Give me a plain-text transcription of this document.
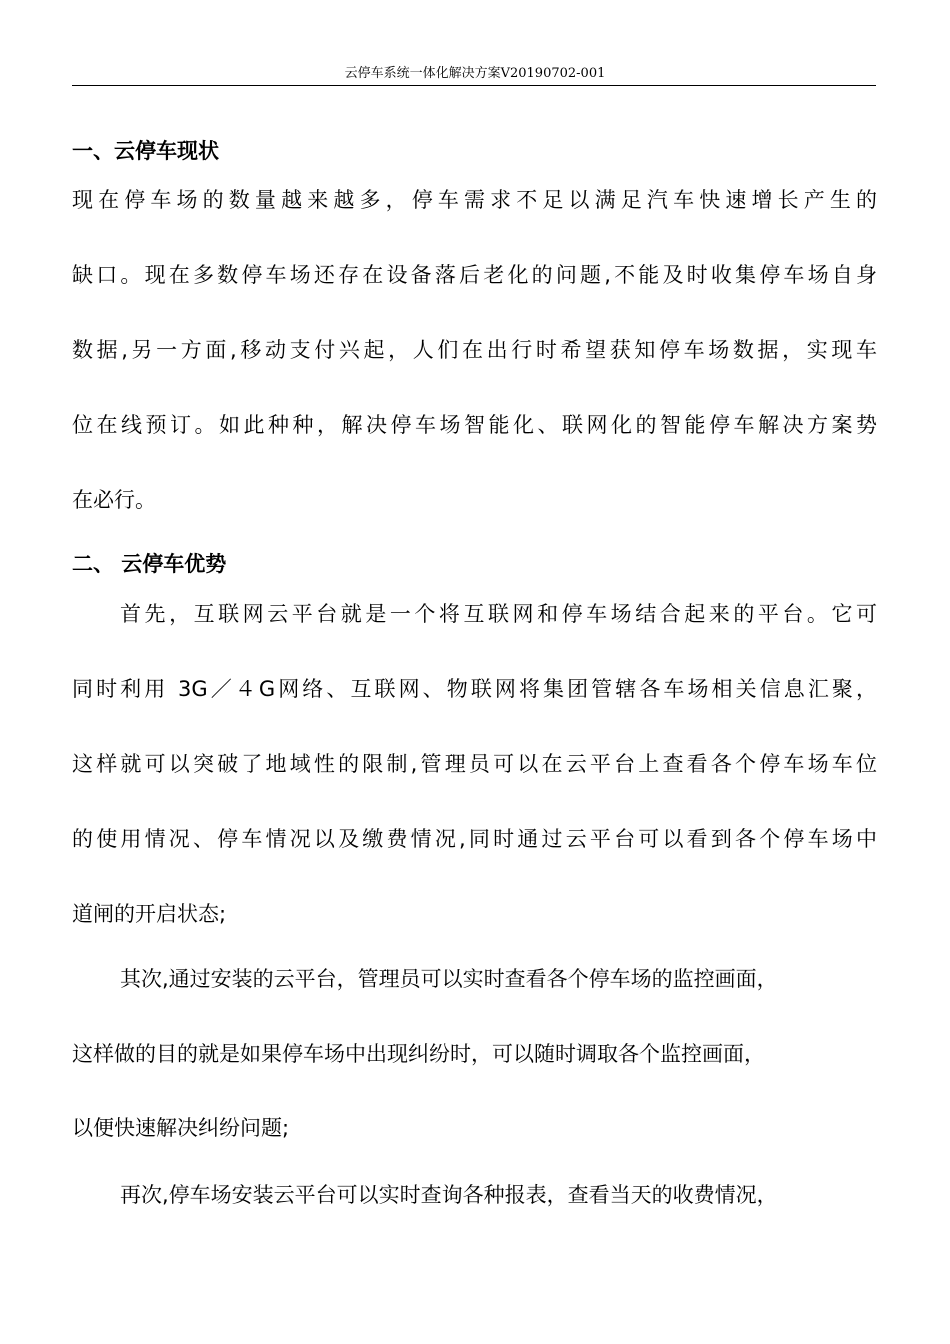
云停车系统一体化解决方案V20190702-001
一、云停车现状
现在停车场的数量越来越多，停车需求不足以满足汽车快速增长产生的
缺口。现在多数停车场还存在设备落后老化的问题,不能及时收集停车场自身
数据,另一方面,移动支付兴起，人们在出行时希望获知停车场数据，实现车
位在线预订。如此种种，解决停车场智能化、联网化的智能停车解决方案势
在必行。
二、 云停车优势
首先，互联网云平台就是一个将互联网和停车场结合起来的平台。它可
同时利用 3G／４G网络、互联网、物联网将集团管辖各车场相关信息汇聚，
这样就可以突破了地域性的限制,管理员可以在云平台上查看各个停车场车位
的使用情况、停车情况以及缴费情况,同时通过云平台可以看到各个停车场中
道闸的开启状态;
其次,通过安装的云平台，管理员可以实时查看各个停车场的监控画面，
这样做的目的就是如果停车场中出现纠纷时，可以随时调取各个监控画面，
以便快速解决纠纷问题;
再次,停车场安装云平台可以实时查询各种报表，查看当天的收费情况，
